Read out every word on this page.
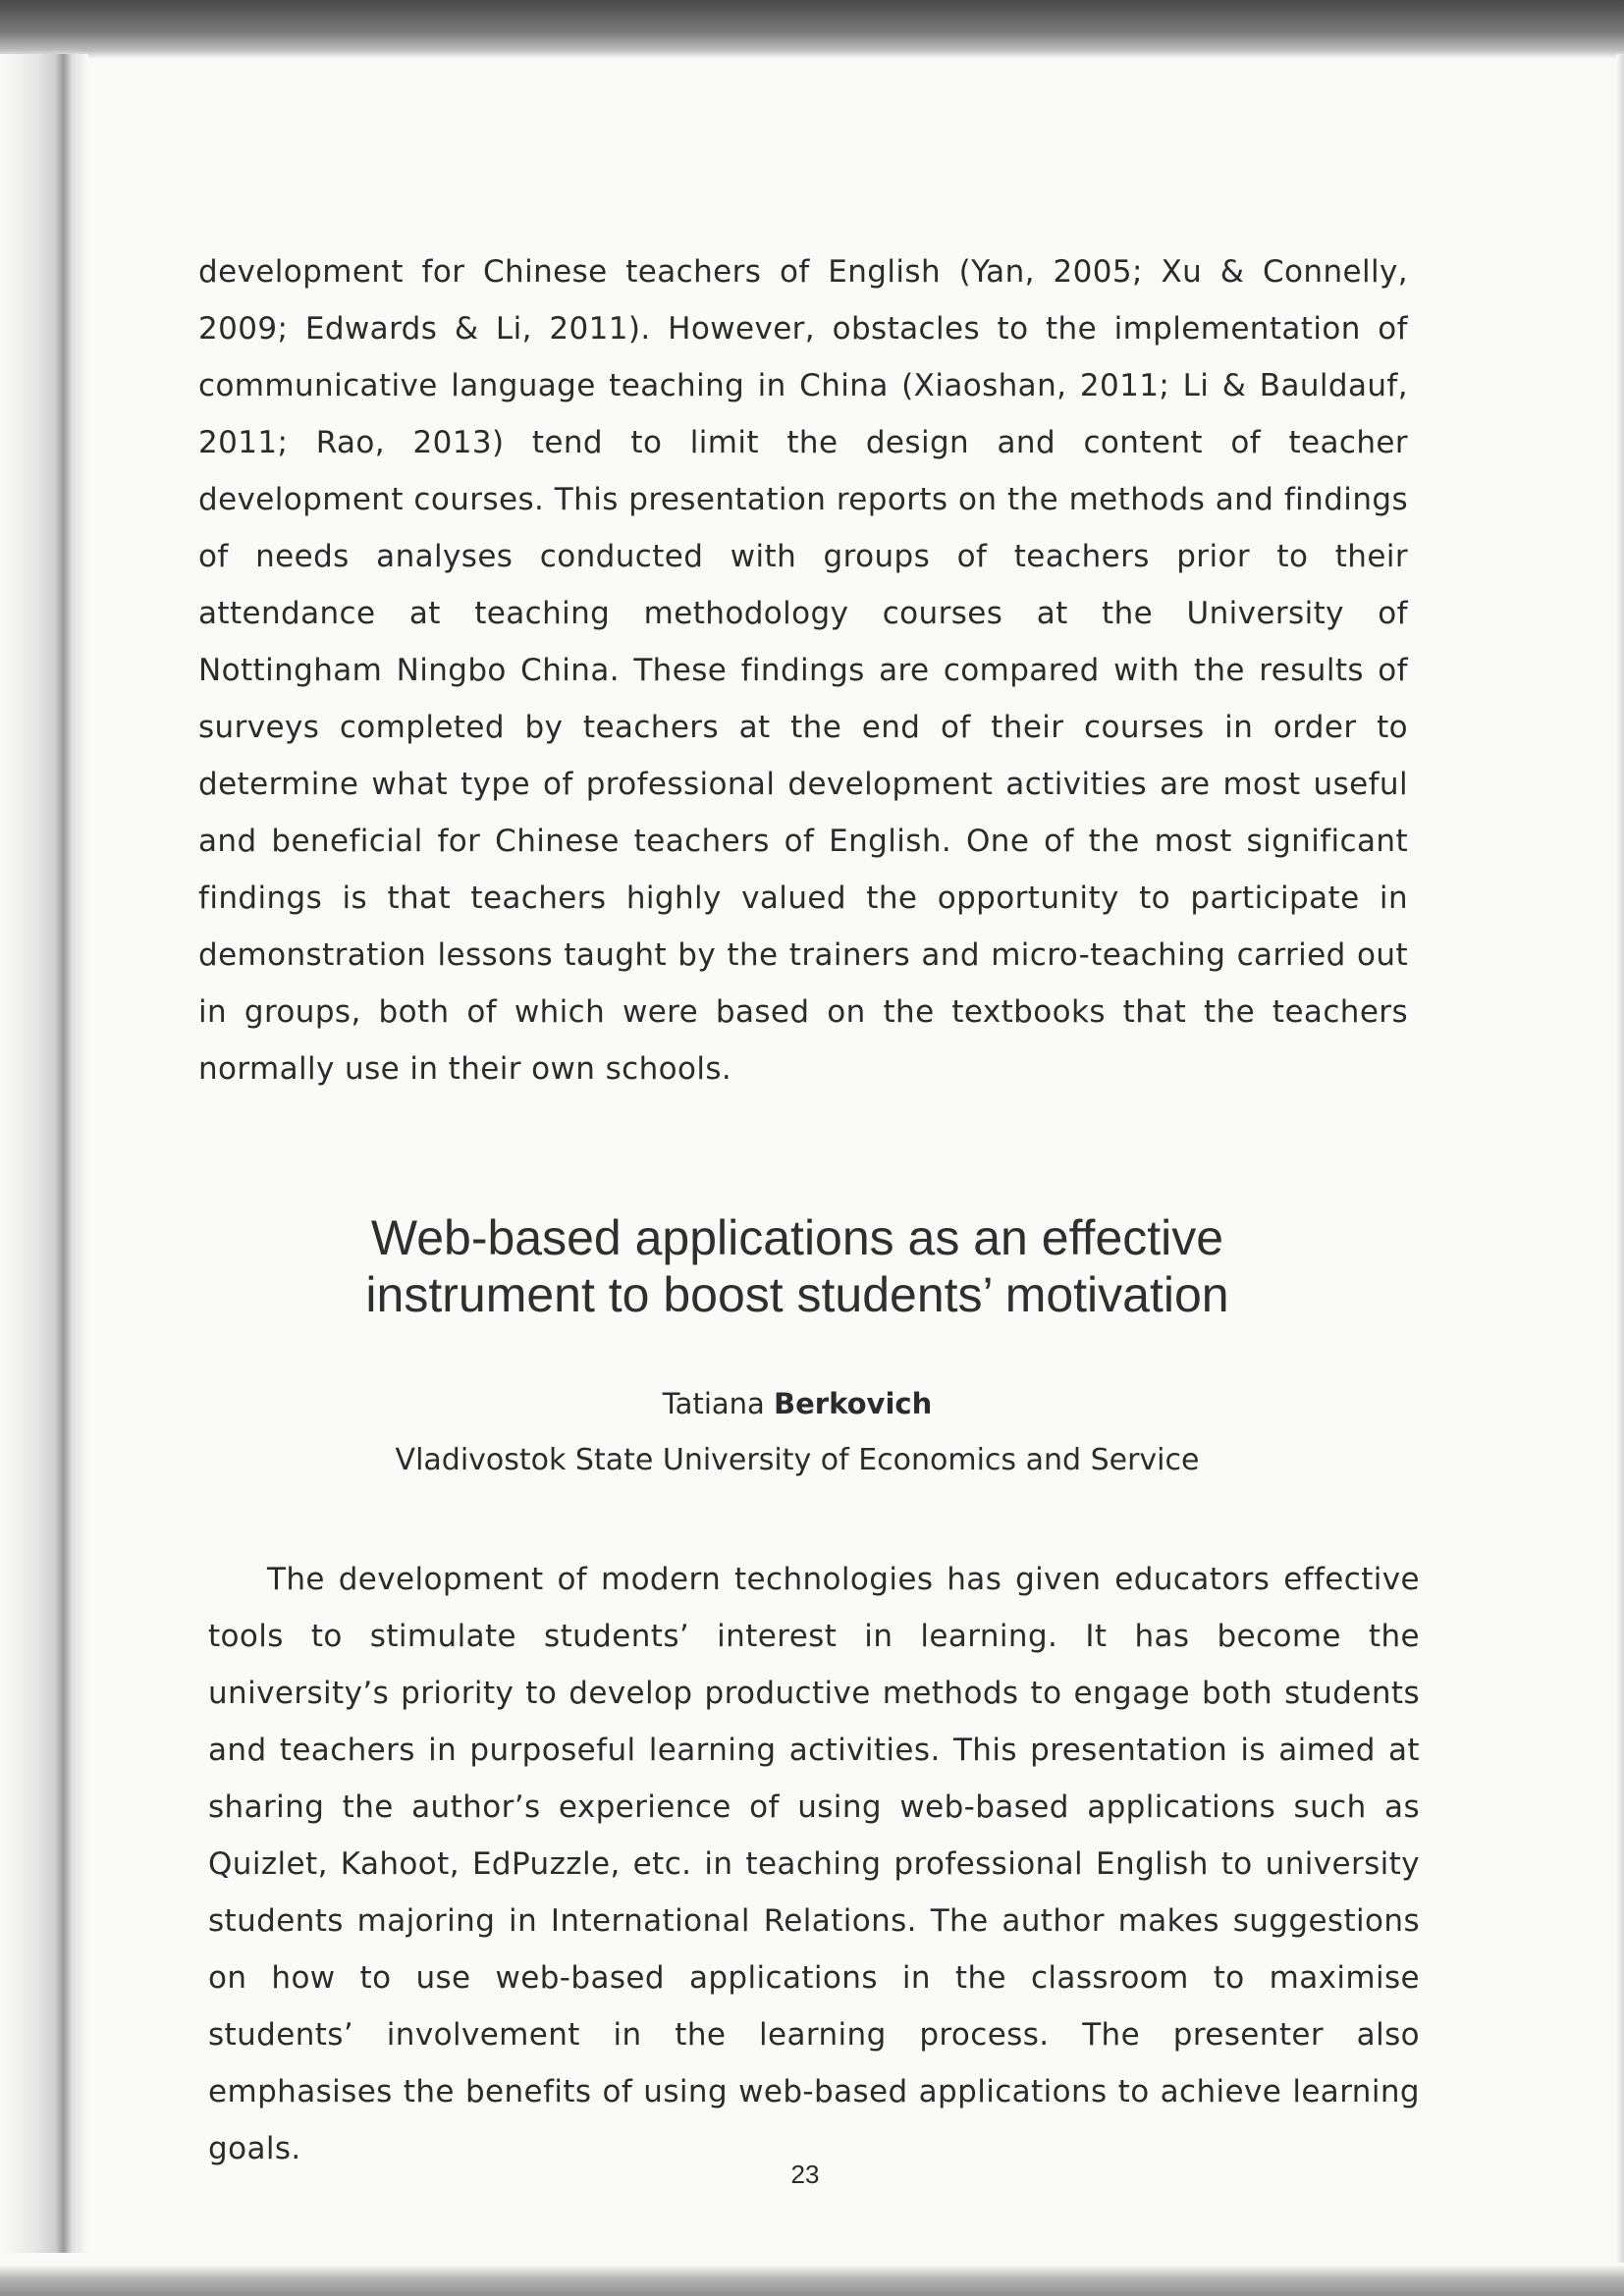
development for Chinese teachers of English (Yan, 2005; Xu & Connelly, 2009; Edwards & Li, 2011). However, obstacles to the implementation of communicative language teaching in China (Xiaoshan, 2011; Li & Bauldauf, 2011; Rao, 2013) tend to limit the design and content of teacher development courses. This presentation reports on the methods and findings of needs analyses conducted with groups of teachers prior to their attendance at teaching methodology courses at the University of Nottingham Ningbo China. These findings are compared with the results of surveys completed by teachers at the end of their courses in order to determine what type of professional development activities are most useful and beneficial for Chinese teachers of English. One of the most significant findings is that teachers highly valued the opportunity to participate in demonstration lessons taught by the trainers and micro-teaching carried out in groups, both of which were based on the textbooks that the teachers normally use in their own schools.

Web-based applications as an effective
instrument to boost students’ motivation
Tatiana Berkovich
Vladivostok State University of Economics and Service

The development of modern technologies has given educators effective tools to stimulate students’ interest in learning. It has become the university’s priority to develop productive methods to engage both students and teachers in purposeful learning activities. This presentation is aimed at sharing the author’s experience of using web-based applications such as Quizlet, Kahoot, EdPuzzle, etc. in teaching professional English to university students majoring in International Relations. The author makes suggestions on how to use web-based applications in the classroom to maximise students’ involvement in the learning process. The presenter also emphasises the benefits of using web-based applications to achieve learning goals.

23
